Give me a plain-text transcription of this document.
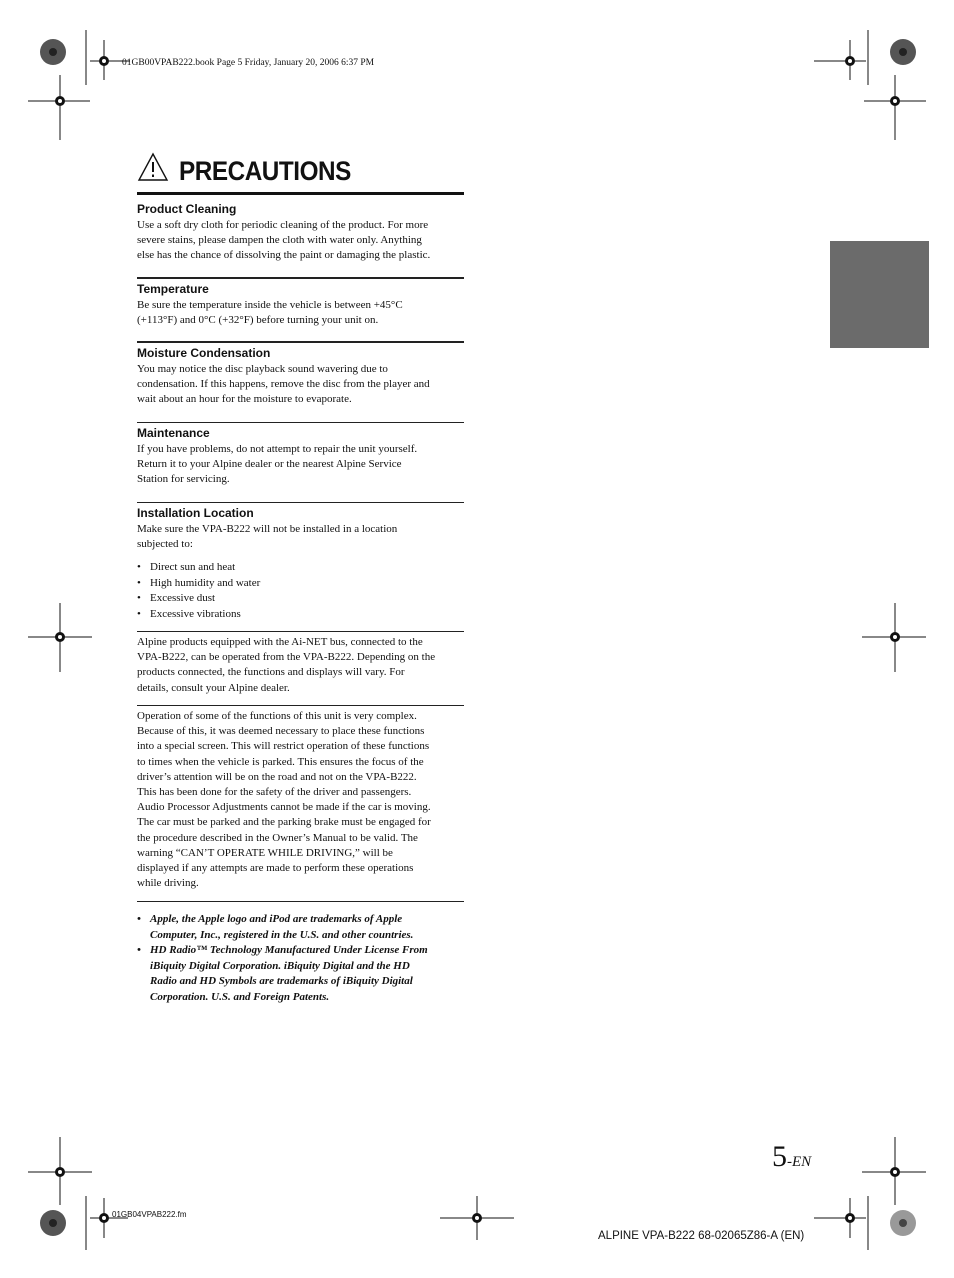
01GB00VPAB222.book Page 5 Friday, January 20, 2006 6:37 PM
PRECAUTIONS
Product Cleaning

Use a soft dry cloth for periodic cleaning of the product. For more

severe stains, please dampen the cloth with water only. Anything

else has the chance of dissolving the paint or damaging the plastic.

Temperature

Be sure the temperature inside the vehicle is between +45°C

(+113°F) and 0°C (+32°F) before turning your unit on.

Moisture Condensation

You may notice the disc playback sound wavering due to

condensation. If this happens, remove the disc from the player and

wait about an hour for the moisture to evaporate.

Maintenance

If you have problems, do not attempt to repair the unit yourself.

Return it to your Alpine dealer or the nearest Alpine Service

Station for servicing.

Installation Location

Make sure the VPA-B222 will not be installed in a location

subjected to:

• Direct sun and heat
• High humidity and water
• Excessive dust
• Excessive vibrations

Alpine products equipped with the Ai-NET bus, connected to the

VPA-B222, can be operated from the VPA-B222. Depending on the

products connected, the functions and displays will vary. For

details, consult your Alpine dealer.

Operation of some of the functions of this unit is very complex.

Because of this, it was deemed necessary to place these functions

into a special screen. This will restrict operation of these functions

to times when the vehicle is parked. This ensures the focus of the

driver’s attention will be on the road and not on the VPA-B222.

This has been done for the safety of the driver and passengers.

Audio Processor Adjustments cannot be made if the car is moving.

The car must be parked and the parking brake must be engaged for

the procedure described in the Owner’s Manual to be valid. The

warning “CAN’T OPERATE WHILE DRIVING,” will be

displayed if any attempts are made to perform these operations

while driving.

• Apple, the Apple logo and iPod are trademarks of Apple
Computer, Inc., registered in the U.S. and other countries.
• HD Radio™ Technology Manufactured Under License From
iBiquity Digital Corporation. iBiquity Digital and the HD
Radio and HD Symbols are trademarks of iBiquity Digital
Corporation. U.S. and Foreign Patents.
5-EN
01GB04VPAB222.fm
ALPINE VPA-B222 68-02065Z86-A (EN)
